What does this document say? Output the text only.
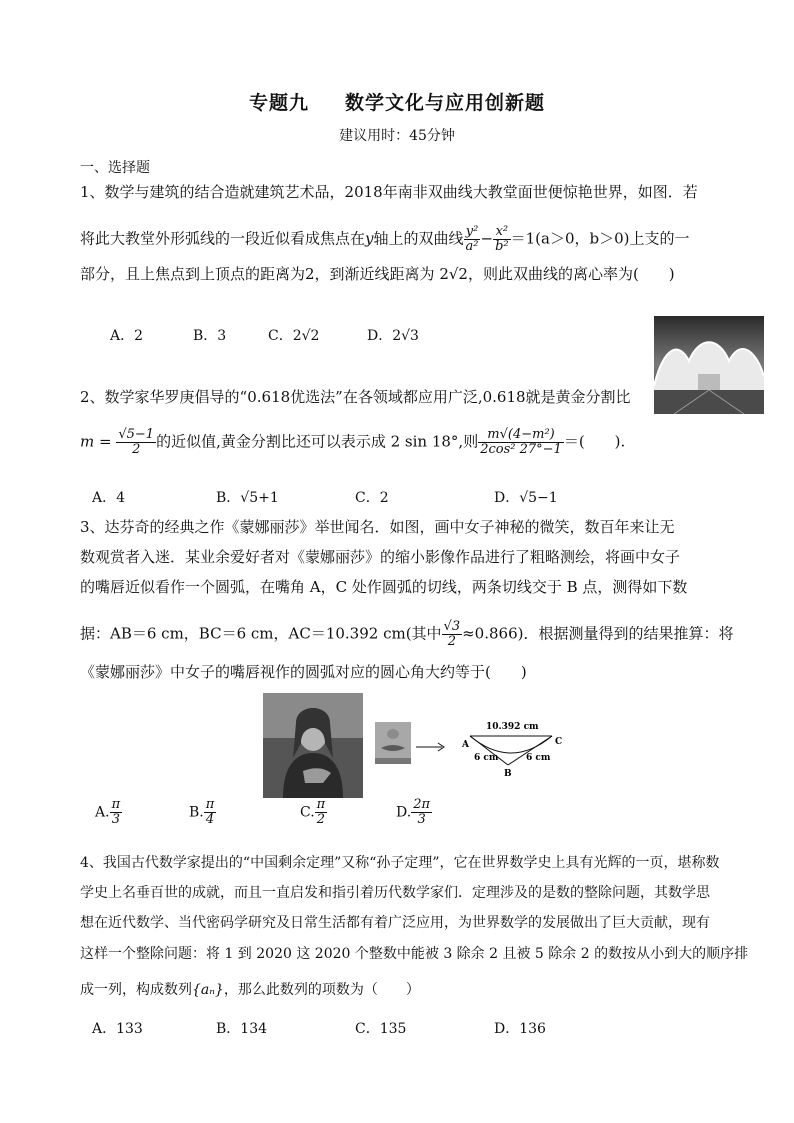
专题九 数学文化与应用创新题
建议用时：45分钟
一、选择题
1、数学与建筑的结合造就建筑艺术品，2018年南非双曲线大教堂面世便惊艳世界，如图．若
将此大教堂外形弧线的一段近似看成焦点在y轴上的双曲线 $\frac{\text{y²}}{\text{a²}} - \frac{\text{x²}}{\text{b²}} =1(a>0$，b＞0)上支的一
部分，且上焦点到上顶点的距离为2，到渐近线距离为 2√2，则此双曲线的离心率为(　　)
A．2	B．3	C．2√2	D．2√3
2、数学家华罗庚倡导的“0.618优选法”在各领域都应用广泛,0.618就是黄金分割比
$m = \frac{√5-1}{2}$ 的近似值,黄金分割比还可以表示成 2 sin 18°,则 $\frac{\text{m√(4−m²)}}{\text{2cos² 27°−1}}$ ＝(　　).
A．4	B．√5+1	C．2	D．√5−1
3、达芬奇的经典之作《蒙娜丽莎》举世闻名．如图，画中女子神秘的微笑，数百年来让无
数观赏者入迷．某业余爱好者对《蒙娜丽莎》的缩小影像作品进行了粗略测绘，将画中女子
的嘴唇近似看作一个圆弧，在嘴角 A，C 处作圆弧的切线，两条切线交于 B 点，测得如下数
据：AB＝6 cm，BC＝6 cm，AC＝10.392 cm(其中 $\frac{√3}{2} \approx 0.866$)．根据测量得到的结果推算：将
《蒙娜丽莎》中女子的嘴唇视作的圆弧对应的圆心角大约等于(　　)
10.392 cm
A	C
B
6 cm	6 cm
A. $\frac{\pi}{3}$	B. $\frac{\pi}{4}$	C. $\frac{\pi}{2}$	D. $\frac{2\pi}{3}$
4、我国古代数学家提出的“中国剩余定理”又称“孙子定理”，它在世界数学史上具有光辉的一页，堪称数
学史上名垂百世的成就，而且一直启发和指引着历代数学家们．定理涉及的是数的整除问题，其数学思
想在近代数学、当代密码学研究及日常生活都有着广泛应用，为世界数学的发展做出了巨大贡献，现有
这样一个整除问题：将 1 到 2020 这 2020 个整数中能被 3 除余 2 且被 5 除余 2 的数按从小到大的顺序排
成一列，构成数列{aₙ}，那么此数列的项数为（　　）
A．133	B．134	C．135	D．136
